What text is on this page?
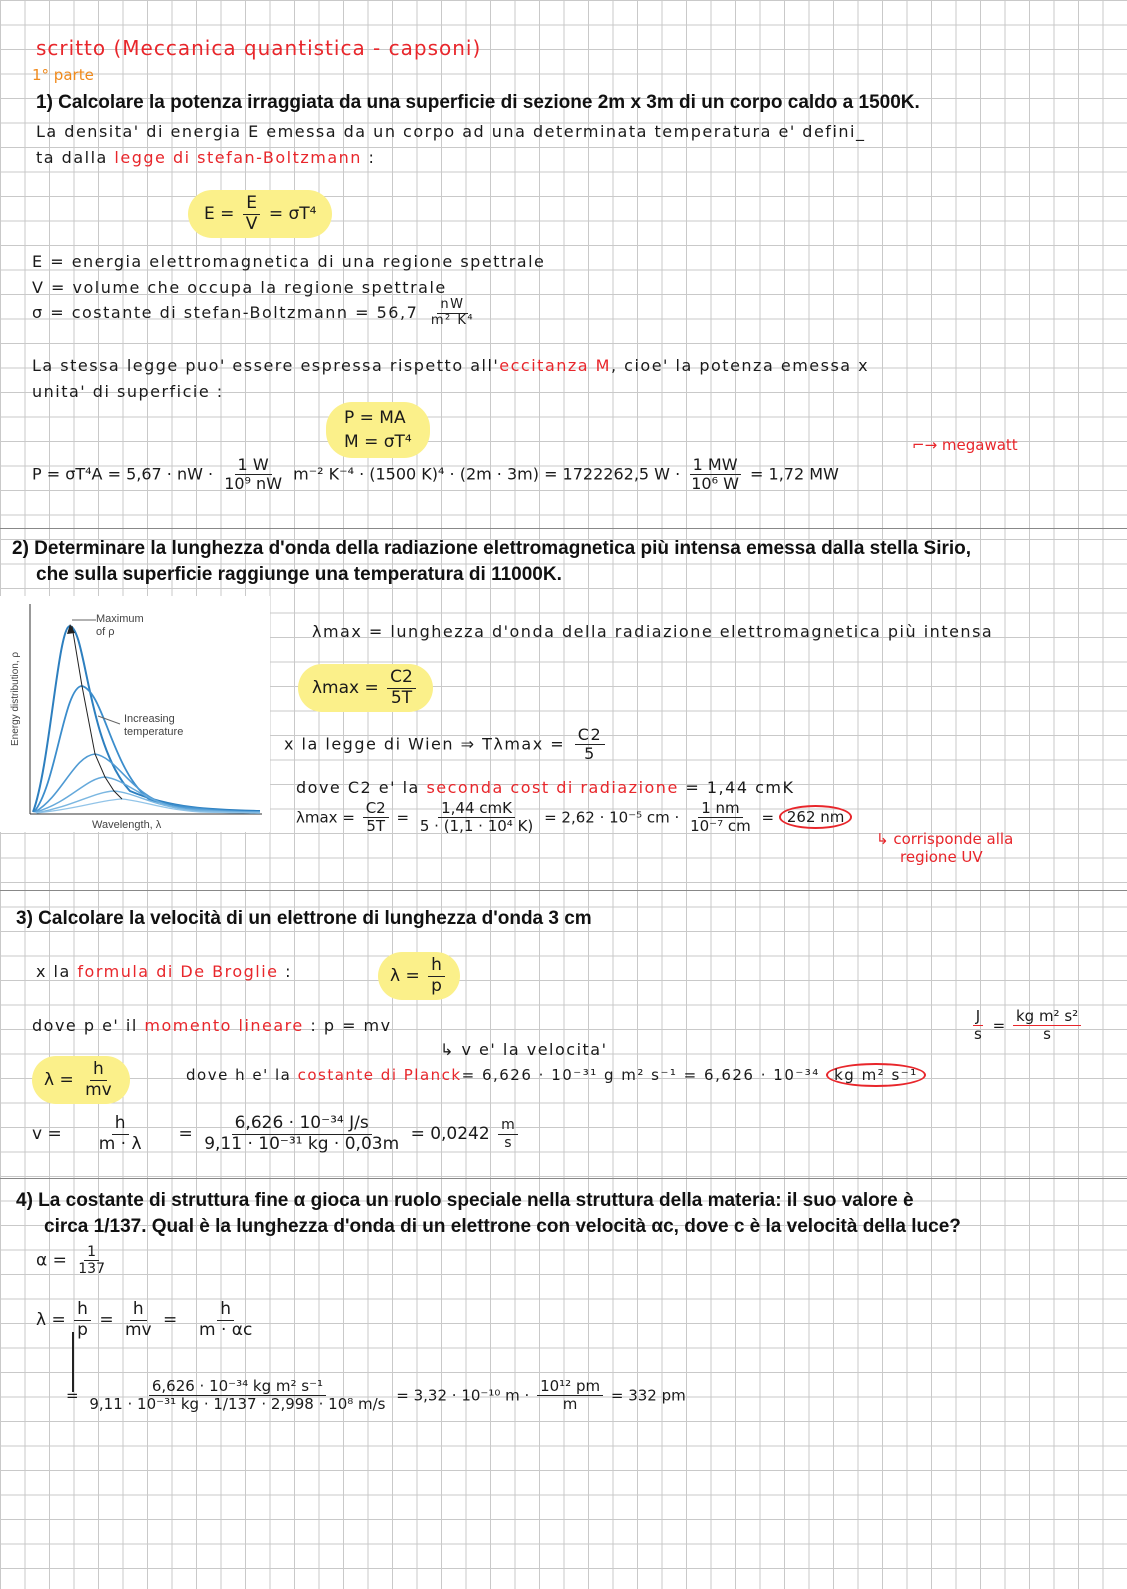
scritto (Meccanica quantistica - capsoni)
1° parte
1) Calcolare la potenza irraggiata da una superficie di sezione 2m x 3m di un corpo caldo a 1500K.
La densita' di energia E emessa da un corpo ad una determinata temperatura e' defini_
ta dalla legge di stefan-Boltzmann :
$E = \frac{E}{V} = \sigma T^4$
E = energia elettromagnetica di una regione spettrale
V = volume che occupa la regione spettrale
σ = costante di stefan-Boltzmann = $56,7 \frac{nW}{\text{m² K⁴}}$
La stessa legge puo' essere espressa rispetto all'eccitanza M, cioe' la potenza emessa x
unita' di superficie :
P = MA
M = σT⁴	⌐→ megawatt
P = σT⁴A = 5,67 · nW · $\frac{1 W}{\text{10⁹ nW}} m^{-2}$ K⁻⁴ · (1500 K)⁴ · (2m · 3m) = 1722262,5 $W \cdot \frac{1 MW}{\text{10⁶ W}} = 1,72$ MW
2) Determinare la lunghezza d'onda della radiazione elettromagnetica più intensa emessa dalla stella Sirio,
che sulla superficie raggiunge una temperatura di 11000K.
Maximum
of ρ
Increasing
temperature
Wavelength, λ
Energy distribution, ρ
λmax = lunghezza d'onda della radiazione elettromagnetica più intensa
$\lambda\max = \frac{C2}{5T}$
x la legge di Wien ⇒ $T\lambda\max = \frac{C2}{5}$
dove C2 e' la seconda cost di radiazione = 1,44 cmK
$\lambda\max = \frac{C2}{5T} = \frac{\text{1,44 cmK}}{\text{5 · (1,1 · 10⁴ K)}} = 2,62 \cdot 10^{-5}$ cm · $\frac{1 nm}{\text{10⁻⁷ cm}} = 262$ nm
↳ corrisponde alla
regione UV
3) Calcolare la velocità di un elettrone di lunghezza d'onda 3 cm
x la formula di De Broglie :	$\lambda = \frac{h}{p}$
dove p e' il momento lineare : p = mv
↳ v e' la velocita'
$\frac{J}{s} = \frac{\text{kg m² s²}}{s}$
$\lambda = \frac{h}{mv}$	dove h e' la costante di Planck= 6,626 · 10⁻³¹ g m² s⁻¹ = 6,626 · 10⁻³⁴ kg m² s⁻¹
$v = \frac{h}{m \cdot \lambda} = \frac{\text{6,626 · 10⁻³⁴ J/s}}{\text{9,11 · 10⁻³¹ kg · 0,03m}} = 0,0242 \frac{m}{s}$
4) La costante di struttura fine α gioca un ruolo speciale nella struttura della materia: il suo valore è
circa 1/137. Qual è la lunghezza d'onda di un elettrone con velocità αc, dove c è la velocità della luce?
$\alpha = \frac{1}{137}$
$\lambda = \frac{h}{p} = \frac{h}{mv} = \frac{h}{m \cdot \alpha c}$
= $\frac{\text{6,626 · 10⁻³⁴ kg m² s⁻¹}}{\text{9,11 · 10⁻³¹ kg · 1/137 · 2,998 · 10⁸ m/s}} = 3,32 \cdot 10^{-10}$ $m \cdot \frac{\text{10¹² pm}}{m} = 332$ pm
